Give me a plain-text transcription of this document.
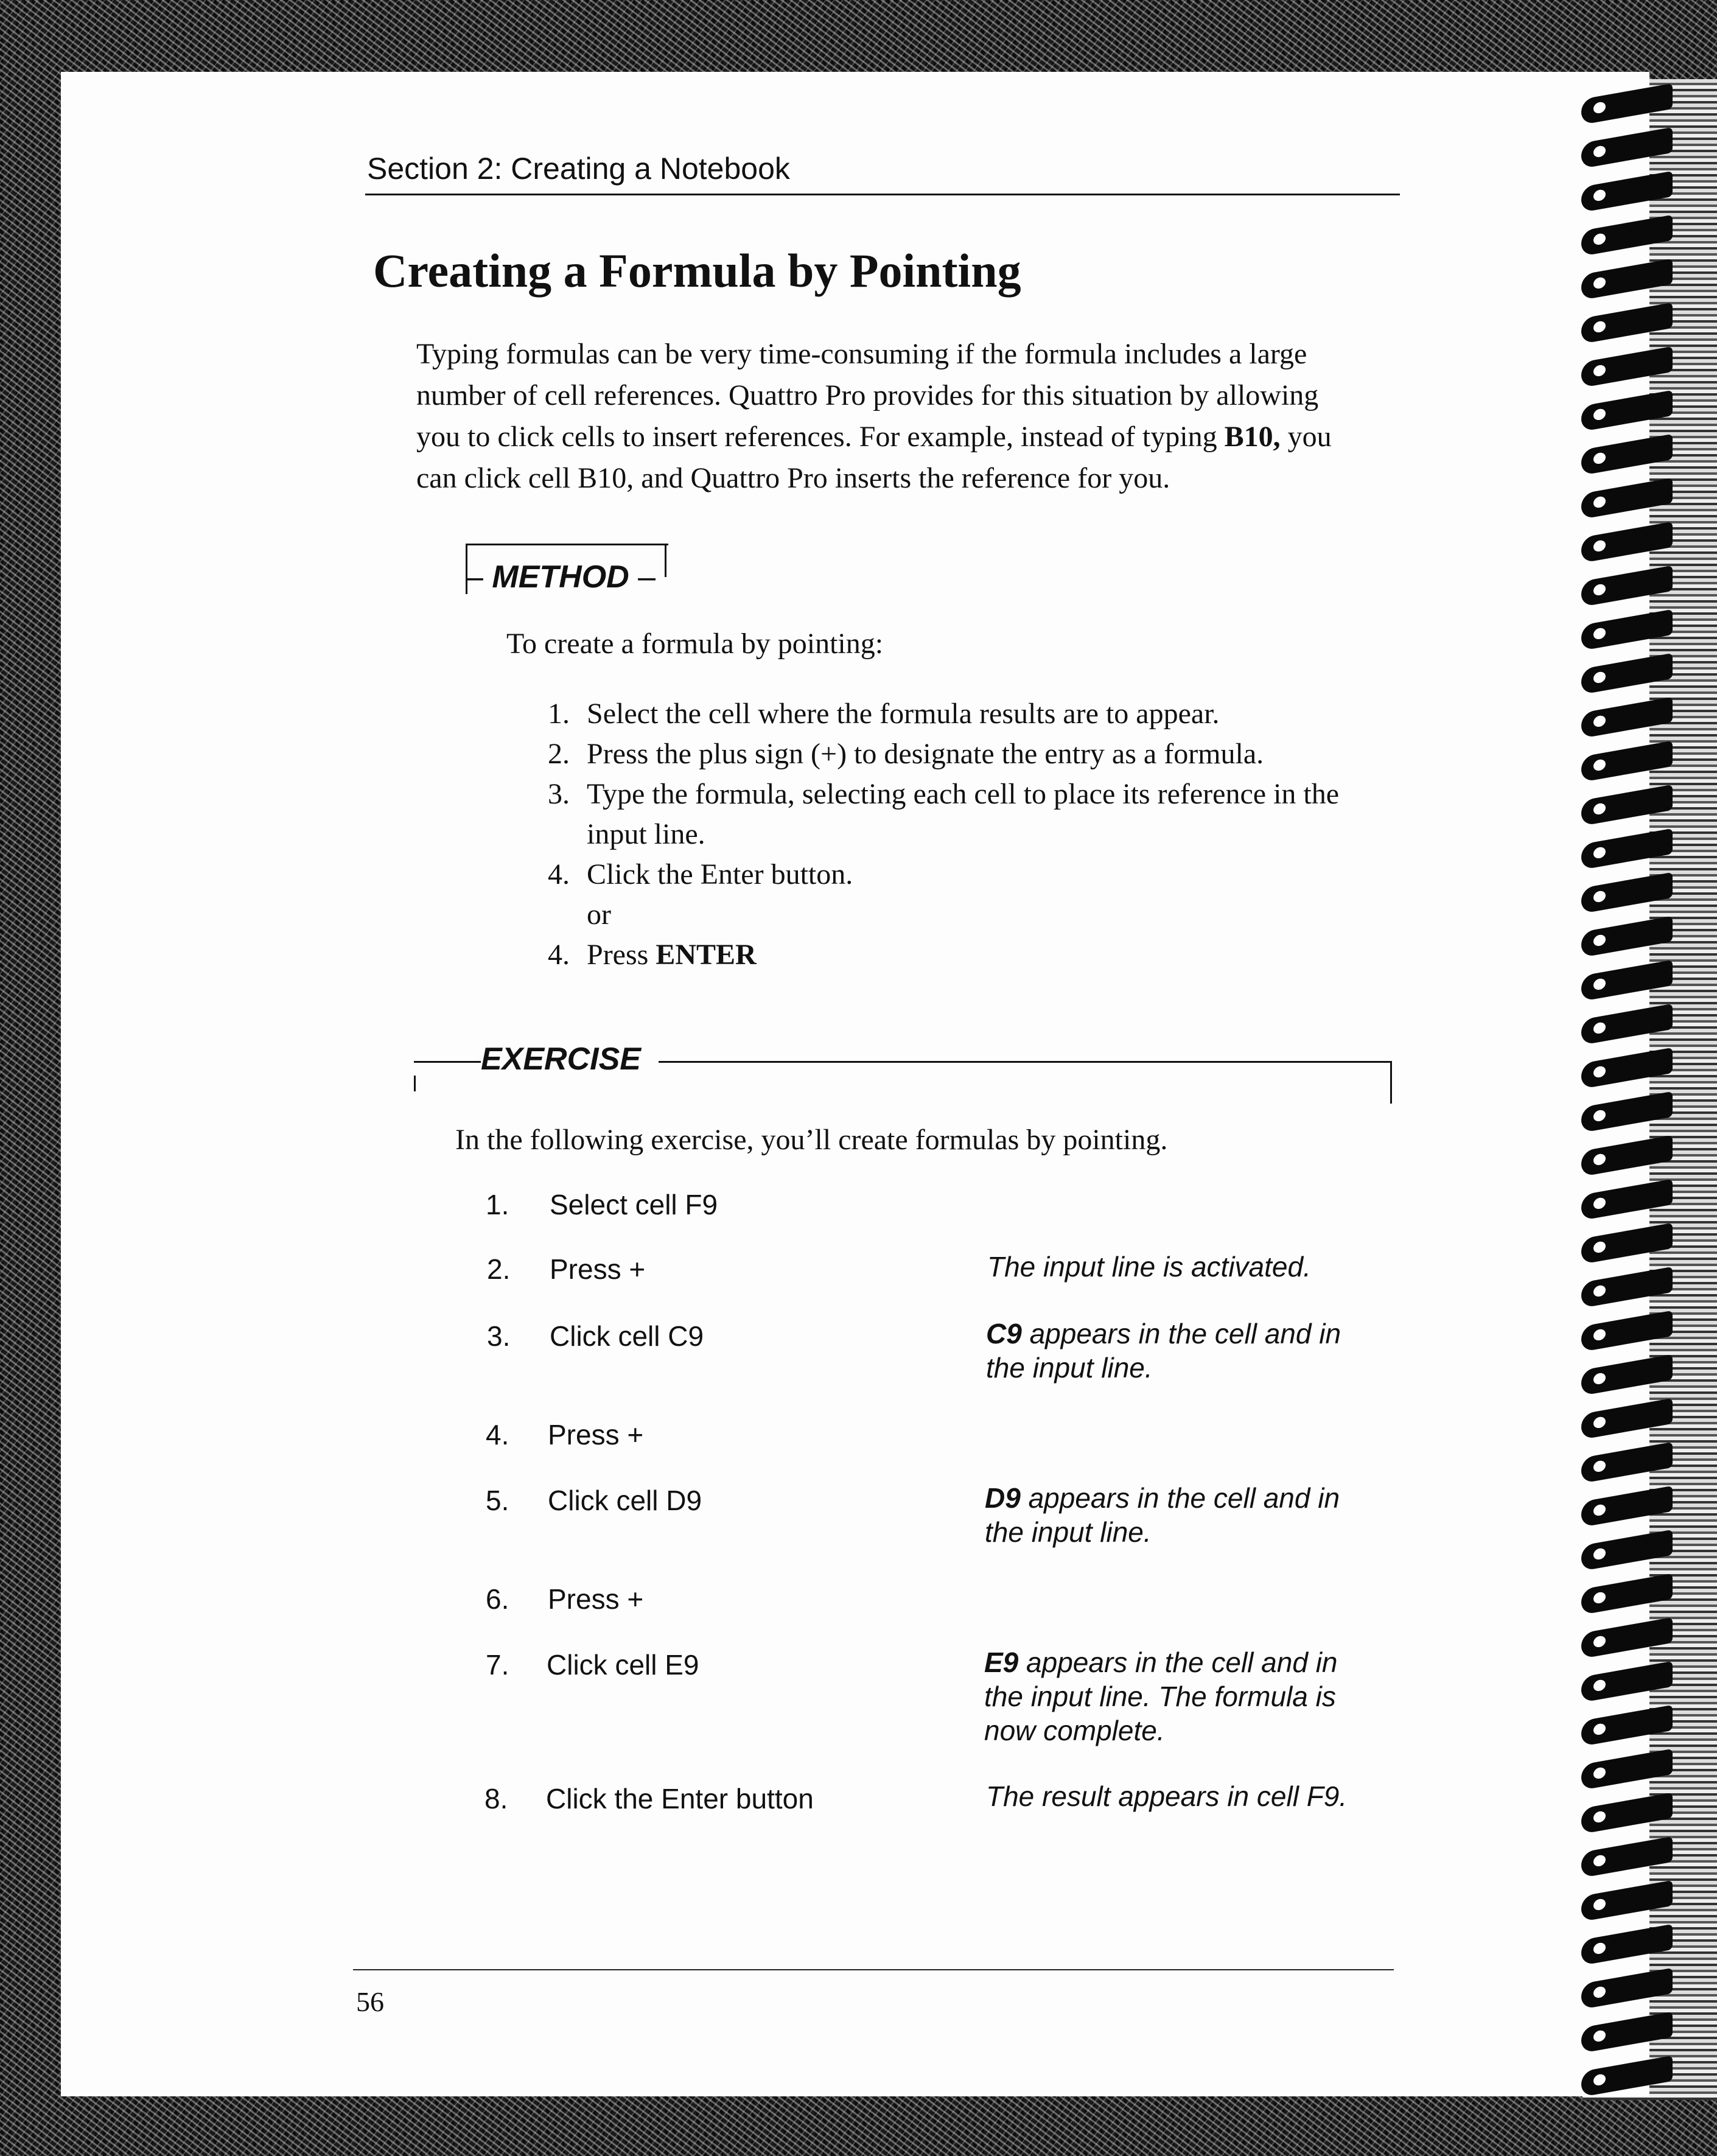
Section 2: Creating a Notebook
Creating a Formula by Pointing

Typing formulas can be very time-consuming if the formula includes a large

number of cell references. Quattro Pro provides for this situation by allowing

you to click cells to insert references. For example, instead of typing B10, you

can click cell B10, and Quattro Pro inserts the reference for you.

– METHOD –
To create a formula by pointing:
1. Select the cell where the formula results are to appear.
2. Press the plus sign (+) to designate the entry as a formula.
3. Type the formula, selecting each cell to place its reference in the
input line.
4. Click the Enter button.
or
4. Press ENTER
EXERCISE
In the following exercise, you’ll create formulas by pointing.
1. Select cell F9
2. Press +	The input line is activated.
3. Click cell C9	C9 appears in the cell and in
the input line.
4. Press +
5. Click cell D9	D9 appears in the cell and in
the input line.
6. Press +
7. Click cell E9	E9 appears in the cell and in
the input line. The formula is
now complete.
8. Click the Enter button	The result appears in cell F9.
56
